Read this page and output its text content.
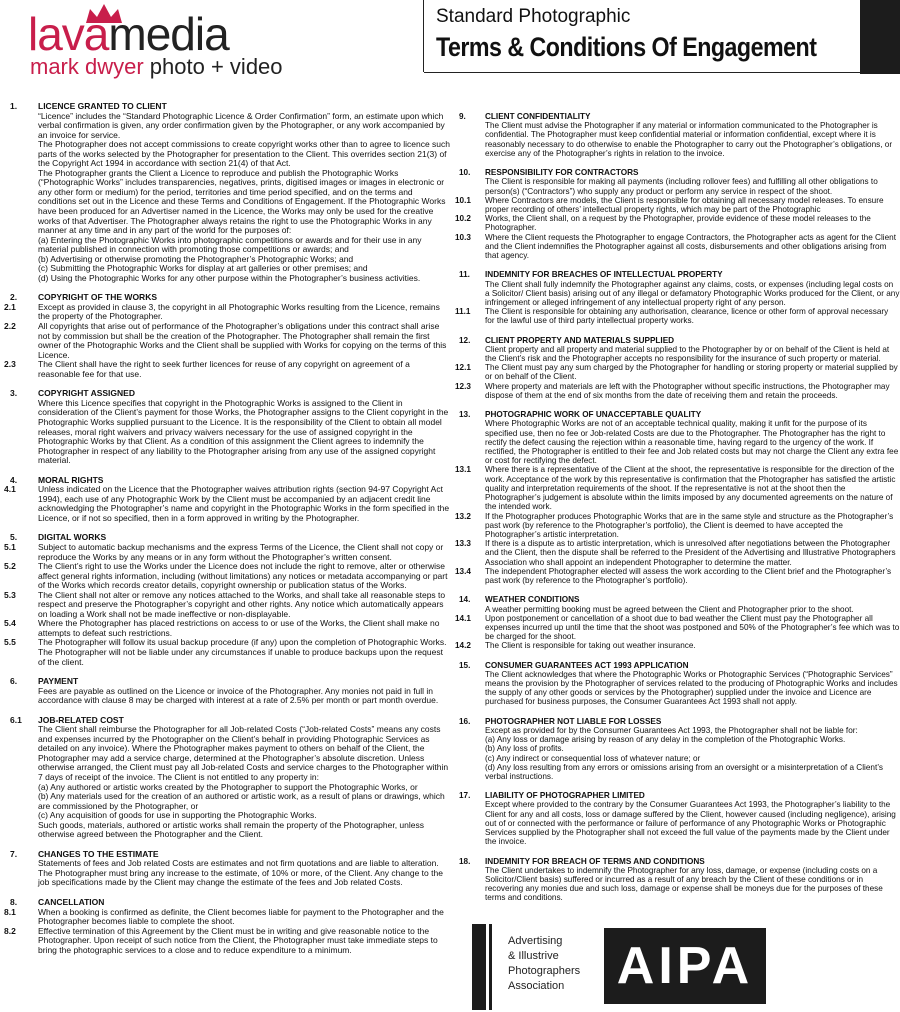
lavamedia
mark dwyer photo + video
Standard Photographic
Terms & Conditions Of Engagement
1. LICENCE GRANTED TO CLIENT
“Licence” includes the “Standard Photographic Licence & Order Confirmation” form, an estimate upon which verbal confirmation is given, any order confirmation given by the Photographer, or any work accompanied by an invoice for service.
The Photographer does not accept commissions to create copyright works other than to agree to licence such parts of the works selected by the Photographer for presentation to the Client. This overrides section 21(3) of the Copyright Act 1994 in accordance with section 21(4) of that Act.
The Photographer grants the Client a Licence to reproduce and publish the Photographic Works (“Photographic Works” includes transparencies, negatives, prints, digitised images or images in electronic or any other form or medium) for the period, territories and time period specified, and on the terms and conditions set out in the Licence and these Terms and Conditions of Engagement. If the Photographic Works have been produced for an Advertiser named in the Licence, the Works may only be used for the creative works of that Advertiser. The Photographer always retains the right to use the Photographic Works in any manner at any time and in any part of the world for the purposes of:
(a) Entering the Photographic Works into photographic competitions or awards and for their use in any material published in connection with promoting those competitions or awards; and
(b) Advertising or otherwise promoting the Photographer’s Photographic Works; and
(c) Submitting the Photographic Works for display at art galleries or other premises; and
(d) Using the Photographic Works for any other purpose within the Photographer’s business activities.
2. COPYRIGHT OF THE WORKS
2.1	Except as provided in clause 3, the copyright in all Photographic Works resulting from the Licence, remains the property of the Photographer.
2.2	All copyrights that arise out of performance of the Photographer’s obligations under this contract shall arise not by commission but shall be the creation of the Photographer. The Photographer shall remain the first owner of the Photographic Works and the Client shall be supplied with Works for copying on the terms of this Licence.
2.3	The Client shall have the right to seek further licences for reuse of any copyright on agreement of a reasonable fee for that use.
3. COPYRIGHT ASSIGNED
Where this Licence specifies that copyright in the Photographic Works is assigned to the Client in consideration of the Client’s payment for those Works, the Photographer assigns to the Client copyright in the Photographic Works supplied pursuant to the Licence. It is the responsibility of the Client to obtain all model releases, moral right waivers and privacy waivers necessary for the use of assigned copyright in the Photographic Works by that Client. As a condition of this assignment the Client agrees to indemnify the Photographer in respect of any liability to the Photographer arising from any use of the assigned copyright material.
4. MORAL RIGHTS
4.1	Unless indicated on the Licence that the Photographer waives attribution rights (section 94-97 Copyright Act 1994), each use of any Photographic Work by the Client must be accompanied by an adjacent credit line acknowledging the Photographer’s name and copyright in the Photographic Works in the form specified in the Licence, or if not so specified, then in a form approved in writing by the Photographer.
5. DIGITAL WORKS
5.1	Subject to automatic backup mechanisms and the express Terms of the Licence, the Client shall not copy or reproduce the Works by any means or in any form without the Photographer’s written consent.
5.2	The Client’s right to use the Works under the Licence does not include the right to remove, alter or otherwise affect general rights information, including (without limitations) any notices or metadata accompanying or part of the Works which records creator details, copyright ownership or publication status of the Works.
5.3	The Client shall not alter or remove any notices attached to the Works, and shall take all reasonable steps to respect and preserve the Photographer’s copyright and other rights. Any notice which automatically appears on loading a Work shall not be made ineffective or non-displayable.
5.4	Where the Photographer has placed restrictions on access to or use of the Works, the Client shall make no attempts to defeat such restrictions.
5.5	The Photographer will follow its usual backup procedure (if any) upon the completion of Photographic Works. The Photographer will not be liable under any circumstances if unable to produce backups upon the request of the client.
6. PAYMENT
Fees are payable as outlined on the Licence or invoice of the Photographer. Any monies not paid in full in accordance with clause 8 may be charged with interest at a rate of 2.5% per month or part month overdue.
6.1 JOB-RELATED COST
The Client shall reimburse the Photographer for all Job-related Costs (“Job-related Costs” means any costs and expenses incurred by the Photographer on the Client’s behalf in providing Photographic Services as detailed on any invoice). Where the Photographer makes payment to others on behalf of the Client, the Photographer may add a service charge, determined at the Photographer’s absolute discretion. Unless otherwise arranged, the Client must pay all Job-related Costs and service charges to the Photographer within 7 days of receipt of the invoice. The Client is not entitled to any property in:
(a) Any authored or artistic works created by the Photographer to support the Photographic Works, or
(b) Any materials used for the creation of an authored or artistic work, as a result of plans or drawings, which are commissioned by the Photographer, or
(c) Any acquisition of goods for use in supporting the Photographic Works.
Such goods, materials, authored or artistic works shall remain the property of the Photographer, unless otherwise agreed between the Photographer and the Client.
7. CHANGES TO THE ESTIMATE
Statements of fees and Job related Costs are estimates and not firm quotations and are liable to alteration. The Photographer must bring any increase to the estimate, of 10% or more, of the Client. Any change to the job specifications made by the Client may change the estimate of the fees and Job related Costs.
8. CANCELLATION
8.1	When a booking is confirmed as definite, the Client becomes liable for payment to the Photographer and the Photographer becomes liable to complete the shoot.
8.2	Effective termination of this Agreement by the Client must be in writing and give reasonable notice to the Photographer. Upon receipt of such notice from the Client, the Photographer must take immediate steps to bring the photographic services to a close and to reduce expenditure to a minimum.
9. CLIENT CONFIDENTIALITY
The Client must advise the Photographer if any material or information communicated to the Photographer is confidential. The Photographer must keep confidential material or information confidential, except where it is reasonably necessary to do otherwise to enable the Photographer to carry out the Photographer’s obligations, or exercise any of the Photographer’s rights in relation to the invoice.
10. RESPONSIBILITY FOR CONTRACTORS
The Client is responsible for making all payments (including rollover fees) and fulfilling all other obligations to person(s) (“Contractors”) who supply any product or perform any service in respect of the shoot.
10.1 Where Contractors are models, the Client is responsible for obtaining all necessary model releases. To ensure proper recording of others’ intellectual property rights, which may be part of the Photographic
10.2 Works, the Client shall, on a request by the Photographer, provide evidence of these model releases to the Photographer.
10.3 Where the Client requests the Photographer to engage Contractors, the Photographer acts as agent for the Client and the Client indemnifies the Photographer against all costs, disbursements and other obligations arising from that agency.
11. INDEMNITY FOR BREACHES OF INTELLECTUAL PROPERTY
The Client shall fully indemnify the Photographer against any claims, costs, or expenses (including legal costs on a Solicitor/ Client basis) arising out of any illegal or defamatory Photographic Works produced for the Client, or any infringement or alleged infringement of any intellectual property right of any person.
11.1 The Client is responsible for obtaining any authorisation, clearance, licence or other form of approval necessary for the lawful use of third party intellectual property works.
12. CLIENT PROPERTY AND MATERIALS SUPPLIED
Client property and all property and material supplied to the Photographer by or on behalf of the Client is held at the Client’s risk and the Photographer accepts no responsibility for the insurance of such property or material.
12.1 The Client must pay any sum charged by the Photographer for handling or storing property or material supplied by or on behalf of the Client.
12.3 Where property and materials are left with the Photographer without specific instructions, the Photographer may dispose of them at the end of six months from the date of receiving them and retain the proceeds.
13. PHOTOGRAPHIC WORK OF UNACCEPTABLE QUALITY
Where Photographic Works are not of an acceptable technical quality, making it unfit for the purpose of its specified use, then no fee or Job-related Costs are due to the Photographer. The Photographer has the right to rectify the defect causing the rejection within a reasonable time, having regard to the urgency of the work. If rectified, the Photographer is entitled to their fee and Job related costs but may not charge the Client any extra fee or cost for rectifying the defect.
13.1 Where there is a representative of the Client at the shoot, the representative is responsible for the direction of the work. Acceptance of the work by this representative is confirmation that the Photographer has satisfied the artistic quality and interpretation requirements of the shoot. If the representative is not at the shoot then the Photographer’s judgement is absolute within the limits imposed by any documented agreements on the nature of the intended work.
13.2 If the Photographer produces Photographic Works that are in the same style and structure as the Photographer’s past work (by reference to the Photographer’s portfolio), the Client is deemed to have accepted the Photographer’s artistic interpretation.
13.3 If there is a dispute as to artistic interpretation, which is unresolved after negotiations between the Photographer and the Client, then the dispute shall be referred to the President of the Advertising and Illustrative Photographers Association who shall appoint an independent Photographer to determine the matter.
13.4 The independent Photographer elected will assess the work according to the Client brief and the Photographer’s past work (by reference to the Photographer’s portfolio).
14. WEATHER CONDITIONS
A weather permitting booking must be agreed between the Client and Photographer prior to the shoot.
14.1 Upon postponement or cancellation of a shoot due to bad weather the Client must pay the Photographer all expenses incurred up until the time that the shoot was postponed and 50% of the Photographer’s fee which was to be charged for the shoot.
14.2 The Client is responsible for taking out weather insurance.
15. CONSUMER GUARANTEES ACT 1993 APPLICATION
The Client acknowledges that where the Photographic Works or Photographic Services (“Photographic Services” means the provision by the Photographer of services related to the producing of Photographic Works and includes the supply of any other goods or services by the Photographer) supplied under the invoice and Licence are purchased for business purposes, the Consumer Guarantees Act 1993 shall not apply.
16. PHOTOGRAPHER NOT LIABLE FOR LOSSES
Except as provided for by the Consumer Guarantees Act 1993, the Photographer shall not be liable for:
(a) Any loss or damage arising by reason of any delay in the completion of the Photographic Works.
(b) Any loss of profits.
(c) Any indirect or consequential loss of whatever nature; or
(d) Any loss resulting from any errors or omissions arising from an oversight or a misinterpretation of a Client’s verbal instructions.
17. LIABILITY OF PHOTOGRAPHER LIMITED
Except where provided to the contrary by the Consumer Guarantees Act 1993, the Photographer’s liability to the Client for any and all costs, loss or damage suffered by the Client, however caused (including negligence), arising out of or connected with the performance or failure of performance of any Photographic Works or Photographic Services supplied by the Photographer shall not exceed the full value of the payments made by the Client under the invoice.
18. INDEMNITY FOR BREACH OF TERMS AND CONDITIONS
The Client undertakes to indemnify the Photographer for any loss, damage, or expense (including costs on a Solicitor/Client basis) suffered or incurred as a result of any breach by the Client of these conditions or in recovering any monies due and such loss, damage or expense shall be moneys due for the purposes of these terms and conditions.
Advertising
& Illustrive
Photographers
Association	AIPA
